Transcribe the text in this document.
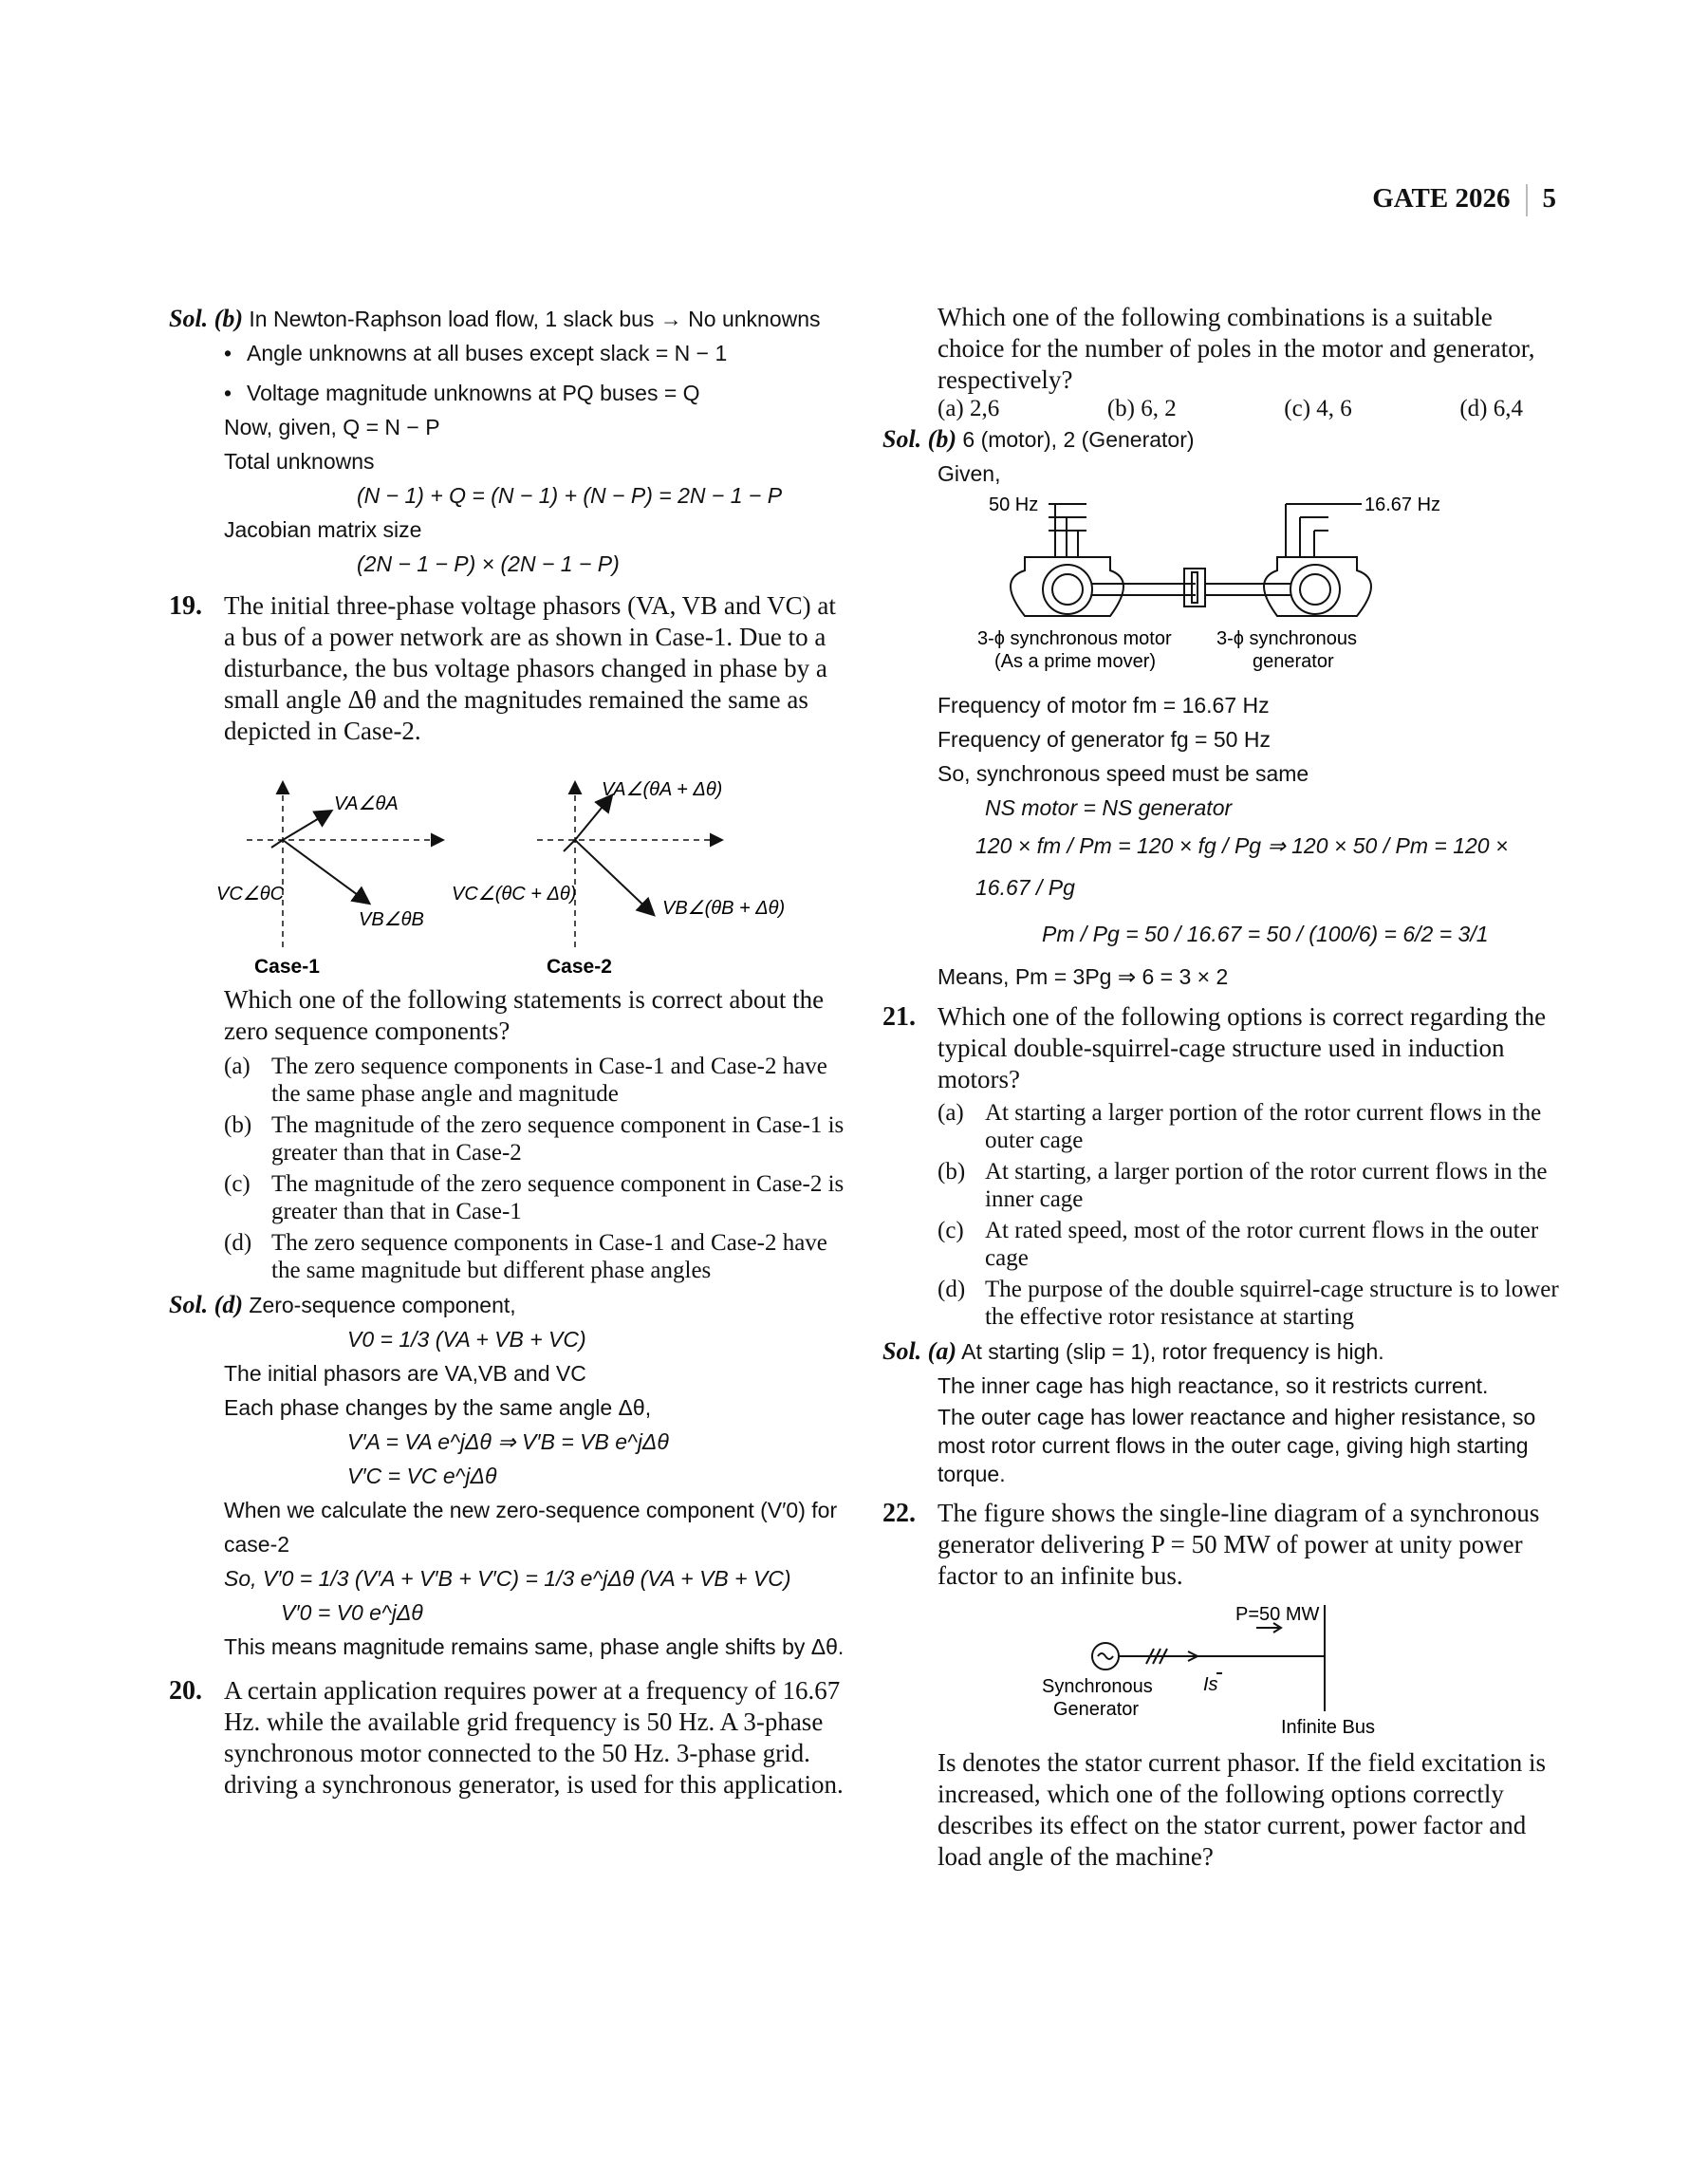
GATE 2026 5
Sol. (b) In Newton-Raphson load flow, 1 slack bus → No unknowns
• Angle unknowns at all buses except slack = N − 1
• Voltage magnitude unknowns at PQ buses = Q
Now, given, Q = N − P
Total unknowns
(N − 1) + Q = (N − 1) + (N − P) = 2N − 1 − P
Jacobian matrix size
(2N − 1 − P) × (2N − 1 − P)
19. The initial three-phase voltage phasors (VA, VB and VC) at a bus of a power network are as shown in Case-1. Due to a disturbance, the bus voltage phasors changed in phase by a small angle Δθ and the magnitudes remained the same as depicted in Case-2.
VA∠θA
VB∠θB
VC∠θC
Case-1
VA∠(θA + Δθ)
VB∠(θB + Δθ)
VC∠(θC + Δθ)
Case-2
Which one of the following statements is correct about the zero sequence components?
(a) The zero sequence components in Case-1 and Case-2 have the same phase angle and magnitude
(b) The magnitude of the zero sequence component in Case-1 is greater than that in Case-2
(c) The magnitude of the zero sequence component in Case-2 is greater than that in Case-1
(d) The zero sequence components in Case-1 and Case-2 have the same magnitude but different phase angles
Sol. (d) Zero-sequence component,
V0 = 1/3 (VA + VB + VC)
The initial phasors are VA,VB and VC
Each phase changes by the same angle Δθ,
V′A = VA e^jΔθ ⇒ V′B = VB e^jΔθ
V′C = VC e^jΔθ
When we calculate the new zero-sequence component (V′0) for case-2
So, V′0 = 1/3 (V′A + V′B + V′C) = 1/3 e^jΔθ (VA + VB + VC)
V′0 = V0 e^jΔθ
This means magnitude remains same, phase angle shifts by Δθ.
20. A certain application requires power at a frequency of 16.67 Hz. while the available grid frequency is 50 Hz. A 3-phase synchronous motor connected to the 50 Hz. 3-phase grid. driving a synchronous generator, is used for this application.
Which one of the following combinations is a suitable choice for the number of poles in the motor and generator, respectively?
(a) 2,6	(b) 6, 2	(c) 4, 6	(d) 6,4
Sol. (b) 6 (motor), 2 (Generator)
Given,
50 Hz	16.67 Hz
3-ϕ synchronous motor
(As a prime mover)
3-ϕ synchronous
generator
Frequency of motor fm = 16.67 Hz
Frequency of generator fg = 50 Hz
So, synchronous speed must be same
NS motor = NS generator
120 × fm / Pm = 120 × fg / Pg ⇒ 120 × 50 / Pm = 120 × 16.67 / Pg
Pm / Pg = 50 / 16.67 = 50 / (100/6) = 6/2 = 3/1
Means, Pm = 3Pg ⇒ 6 = 3 × 2
21. Which one of the following options is correct regarding the typical double-squirrel-cage structure used in induction motors?
(a) At starting a larger portion of the rotor current flows in the outer cage
(b) At starting, a larger portion of the rotor current flows in the inner cage
(c) At rated speed, most of the rotor current flows in the outer cage
(d) The purpose of the double squirrel-cage structure is to lower the effective rotor resistance at starting
Sol. (a) At starting (slip = 1), rotor frequency is high.
The inner cage has high reactance, so it restricts current.
The outer cage has lower reactance and higher resistance, so most rotor current flows in the outer cage, giving high starting torque.
22. The figure shows the single-line diagram of a synchronous generator delivering P = 50 MW of power at unity power factor to an infinite bus.
P=50 MW
Synchronous
Generator
Is
Infinite Bus
Is denotes the stator current phasor. If the field excitation is increased, which one of the following options correctly describes its effect on the stator current, power factor and load angle of the machine?
